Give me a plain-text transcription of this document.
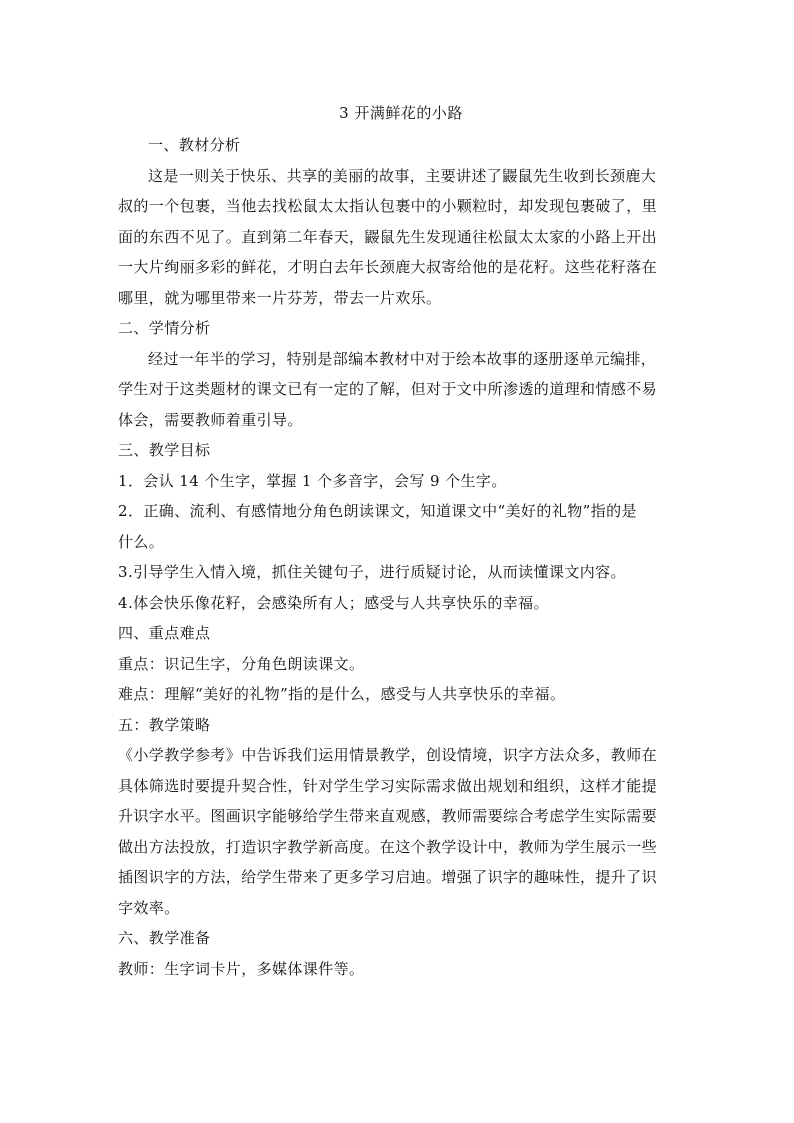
3 开满鲜花的小路

一、教材分析

这是一则关于快乐、共享的美丽的故事，主要讲述了鼹鼠先生收到长颈鹿大

叔的一个包裹，当他去找松鼠太太指认包裹中的小颗粒时，却发现包裹破了，里

面的东西不见了。直到第二年春天，鼹鼠先生发现通往松鼠太太家的小路上开出

一大片绚丽多彩的鲜花，才明白去年长颈鹿大叔寄给他的是花籽。这些花籽落在

哪里，就为哪里带来一片芬芳，带去一片欢乐。

二、学情分析

经过一年半的学习，特别是部编本教材中对于绘本故事的逐册逐单元编排，

学生对于这类题材的课文已有一定的了解，但对于文中所渗透的道理和情感不易

体会，需要教师着重引导。

三、教学目标

1．会认 14 个生字，掌握 1 个多音字，会写 9 个生字。

2．正确、流利、有感情地分角色朗读课文，知道课文中“美好的礼物”指的是

什么。

3.引导学生入情入境，抓住关键句子，进行质疑讨论，从而读懂课文内容。

4.体会快乐像花籽，会感染所有人；感受与人共享快乐的幸福。

四、重点难点

重点：识记生字，分角色朗读课文。

难点：理解“美好的礼物”指的是什么，感受与人共享快乐的幸福。

五：教学策略

《小学教学参考》中告诉我们运用情景教学，创设情境，识字方法众多，教师在

具体筛选时要提升契合性，针对学生学习实际需求做出规划和组织，这样才能提

升识字水平。图画识字能够给学生带来直观感，教师需要综合考虑学生实际需要

做出方法投放，打造识字教学新高度。在这个教学设计中，教师为学生展示一些

插图识字的方法，给学生带来了更多学习启迪。增强了识字的趣味性，提升了识

字效率。

六、教学准备

教师：生字词卡片，多媒体课件等。
